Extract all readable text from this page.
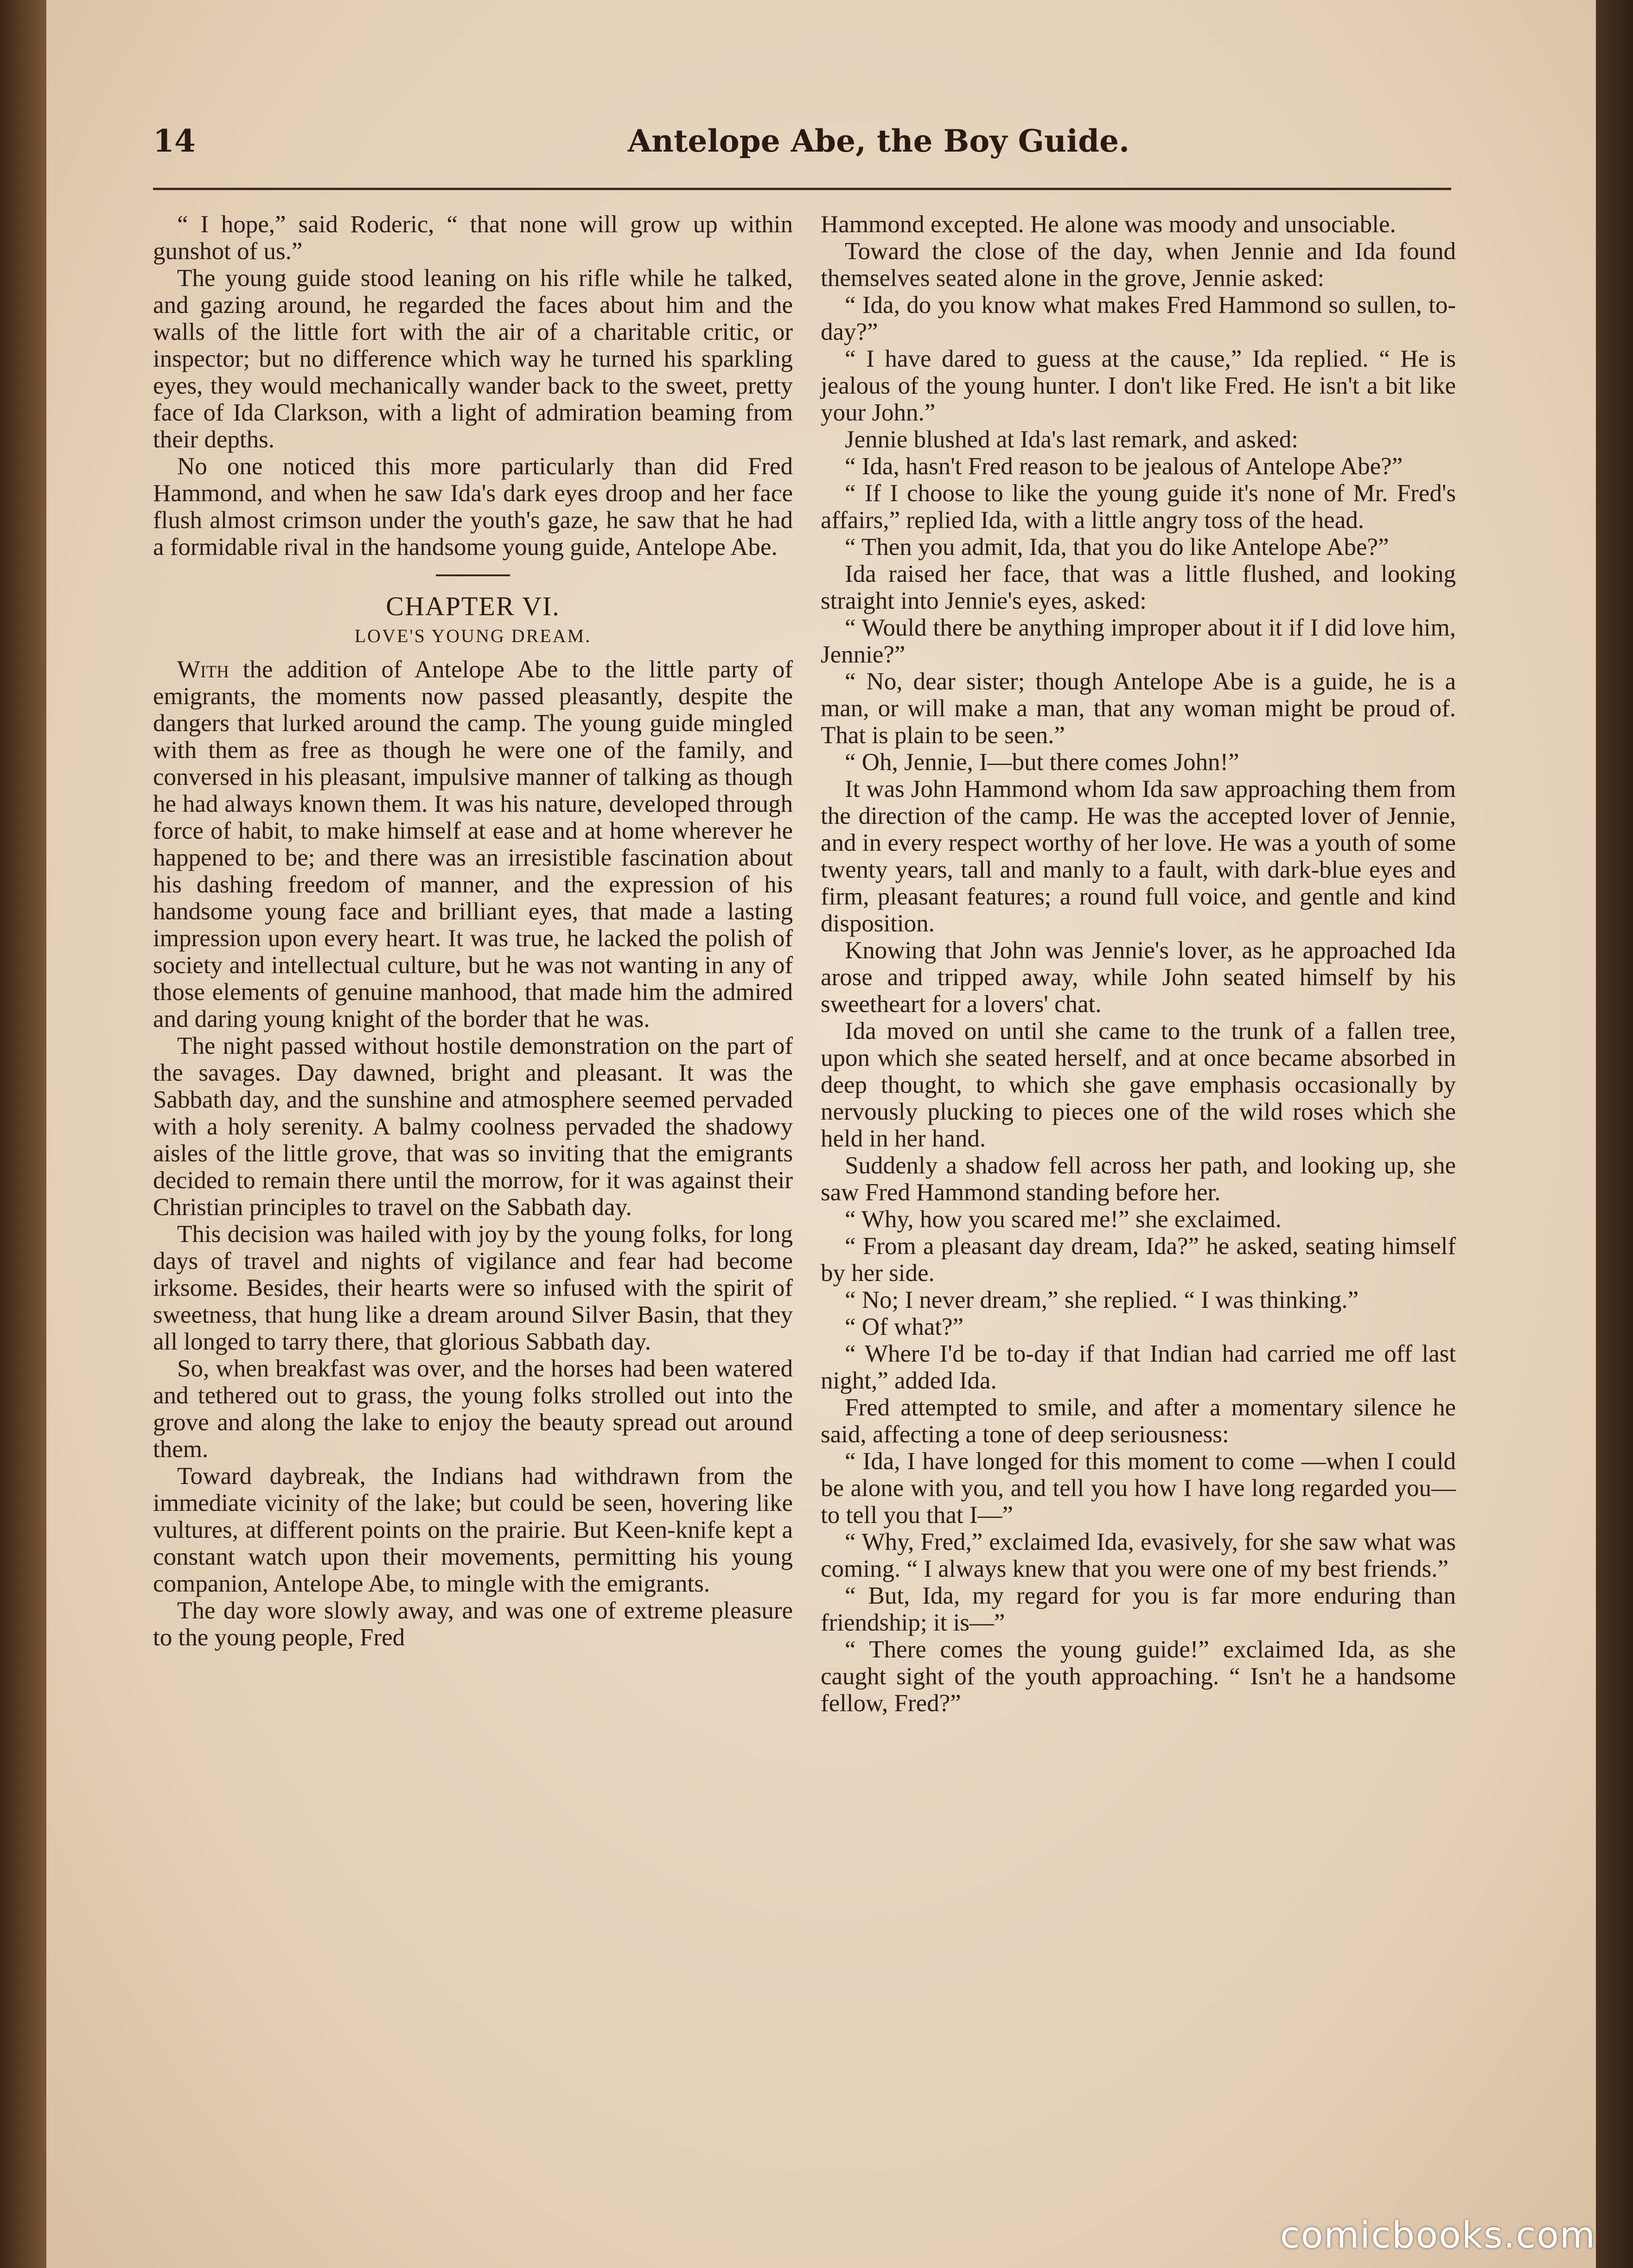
14	Antelope Abe, the Boy Guide.

“ I hope,” said Roderic, “ that none will grow up within gunshot of us.”

The young guide stood leaning on his rifle while he talked, and gazing around, he regarded the faces about him and the walls of the little fort with the air of a charitable critic, or inspector; but no difference which way he turned his sparkling eyes, they would mechanically wander back to the sweet, pretty face of Ida Clarkson, with a light of admiration beaming from their depths.

No one noticed this more particularly than did Fred Hammond, and when he saw Ida's dark eyes droop and her face flush almost crimson under the youth's gaze, he saw that he had a formidable rival in the handsome young guide, Antelope Abe.

CHAPTER VI.
LOVE'S YOUNG DREAM.

With the addition of Antelope Abe to the little party of emigrants, the moments now passed pleasantly, despite the dangers that lurked around the camp. The young guide mingled with them as free as though he were one of the family, and conversed in his pleasant, impulsive manner of talking as though he had always known them. It was his nature, developed through force of habit, to make himself at ease and at home wherever he happened to be; and there was an irresistible fascination about his dashing freedom of manner, and the expression of his handsome young face and brilliant eyes, that made a lasting impression upon every heart. It was true, he lacked the polish of society and intellectual culture, but he was not wanting in any of those elements of genuine manhood, that made him the admired and daring young knight of the border that he was.

The night passed without hostile demonstration on the part of the savages. Day dawned, bright and pleasant. It was the Sabbath day, and the sunshine and atmosphere seemed pervaded with a holy serenity. A balmy coolness pervaded the shadowy aisles of the little grove, that was so inviting that the emigrants decided to remain there until the morrow, for it was against their Christian principles to travel on the Sabbath day.

This decision was hailed with joy by the young folks, for long days of travel and nights of vigilance and fear had become irksome. Besides, their hearts were so infused with the spirit of sweetness, that hung like a dream around Silver Basin, that they all longed to tarry there, that glorious Sabbath day.

So, when breakfast was over, and the horses had been watered and tethered out to grass, the young folks strolled out into the grove and along the lake to enjoy the beauty spread out around them.

Toward daybreak, the Indians had withdrawn from the immediate vicinity of the lake; but could be seen, hovering like vultures, at different points on the prairie. But Keen-knife kept a constant watch upon their movements, permitting his young companion, Antelope Abe, to mingle with the emigrants.

The day wore slowly away, and was one of extreme pleasure to the young people, Fred

Hammond excepted. He alone was moody and unsociable.

Toward the close of the day, when Jennie and Ida found themselves seated alone in the grove, Jennie asked:

“ Ida, do you know what makes Fred Hammond so sullen, to-day?”

“ I have dared to guess at the cause,” Ida replied. “ He is jealous of the young hunter. I don't like Fred. He isn't a bit like your John.”

Jennie blushed at Ida's last remark, and asked:

“ Ida, hasn't Fred reason to be jealous of Antelope Abe?”

“ If I choose to like the young guide it's none of Mr. Fred's affairs,” replied Ida, with a little angry toss of the head.

“ Then you admit, Ida, that you do like Antelope Abe?”

Ida raised her face, that was a little flushed, and looking straight into Jennie's eyes, asked:

“ Would there be anything improper about it if I did love him, Jennie?”

“ No, dear sister; though Antelope Abe is a guide, he is a man, or will make a man, that any woman might be proud of. That is plain to be seen.”

“ Oh, Jennie, I—but there comes John!”

It was John Hammond whom Ida saw approaching them from the direction of the camp. He was the accepted lover of Jennie, and in every respect worthy of her love. He was a youth of some twenty years, tall and manly to a fault, with dark-blue eyes and firm, pleasant features; a round full voice, and gentle and kind disposition.

Knowing that John was Jennie's lover, as he approached Ida arose and tripped away, while John seated himself by his sweetheart for a lovers' chat.

Ida moved on until she came to the trunk of a fallen tree, upon which she seated herself, and at once became absorbed in deep thought, to which she gave emphasis occasionally by nervously plucking to pieces one of the wild roses which she held in her hand.

Suddenly a shadow fell across her path, and looking up, she saw Fred Hammond standing before her.

“ Why, how you scared me!” she exclaimed.

“ From a pleasant day dream, Ida?” he asked, seating himself by her side.

“ No; I never dream,” she replied. “ I was thinking.”

“ Of what?”

“ Where I'd be to-day if that Indian had carried me off last night,” added Ida.

Fred attempted to smile, and after a momentary silence he said, affecting a tone of deep seriousness:

“ Ida, I have longed for this moment to come —when I could be alone with you, and tell you how I have long regarded you—to tell you that I—”

“ Why, Fred,” exclaimed Ida, evasively, for she saw what was coming. “ I always knew that you were one of my best friends.”

“ But, Ida, my regard for you is far more enduring than friendship; it is—”

“ There comes the young guide!” exclaimed Ida, as she caught sight of the youth approaching. “ Isn't he a handsome fellow, Fred?”

comicbooks.com
